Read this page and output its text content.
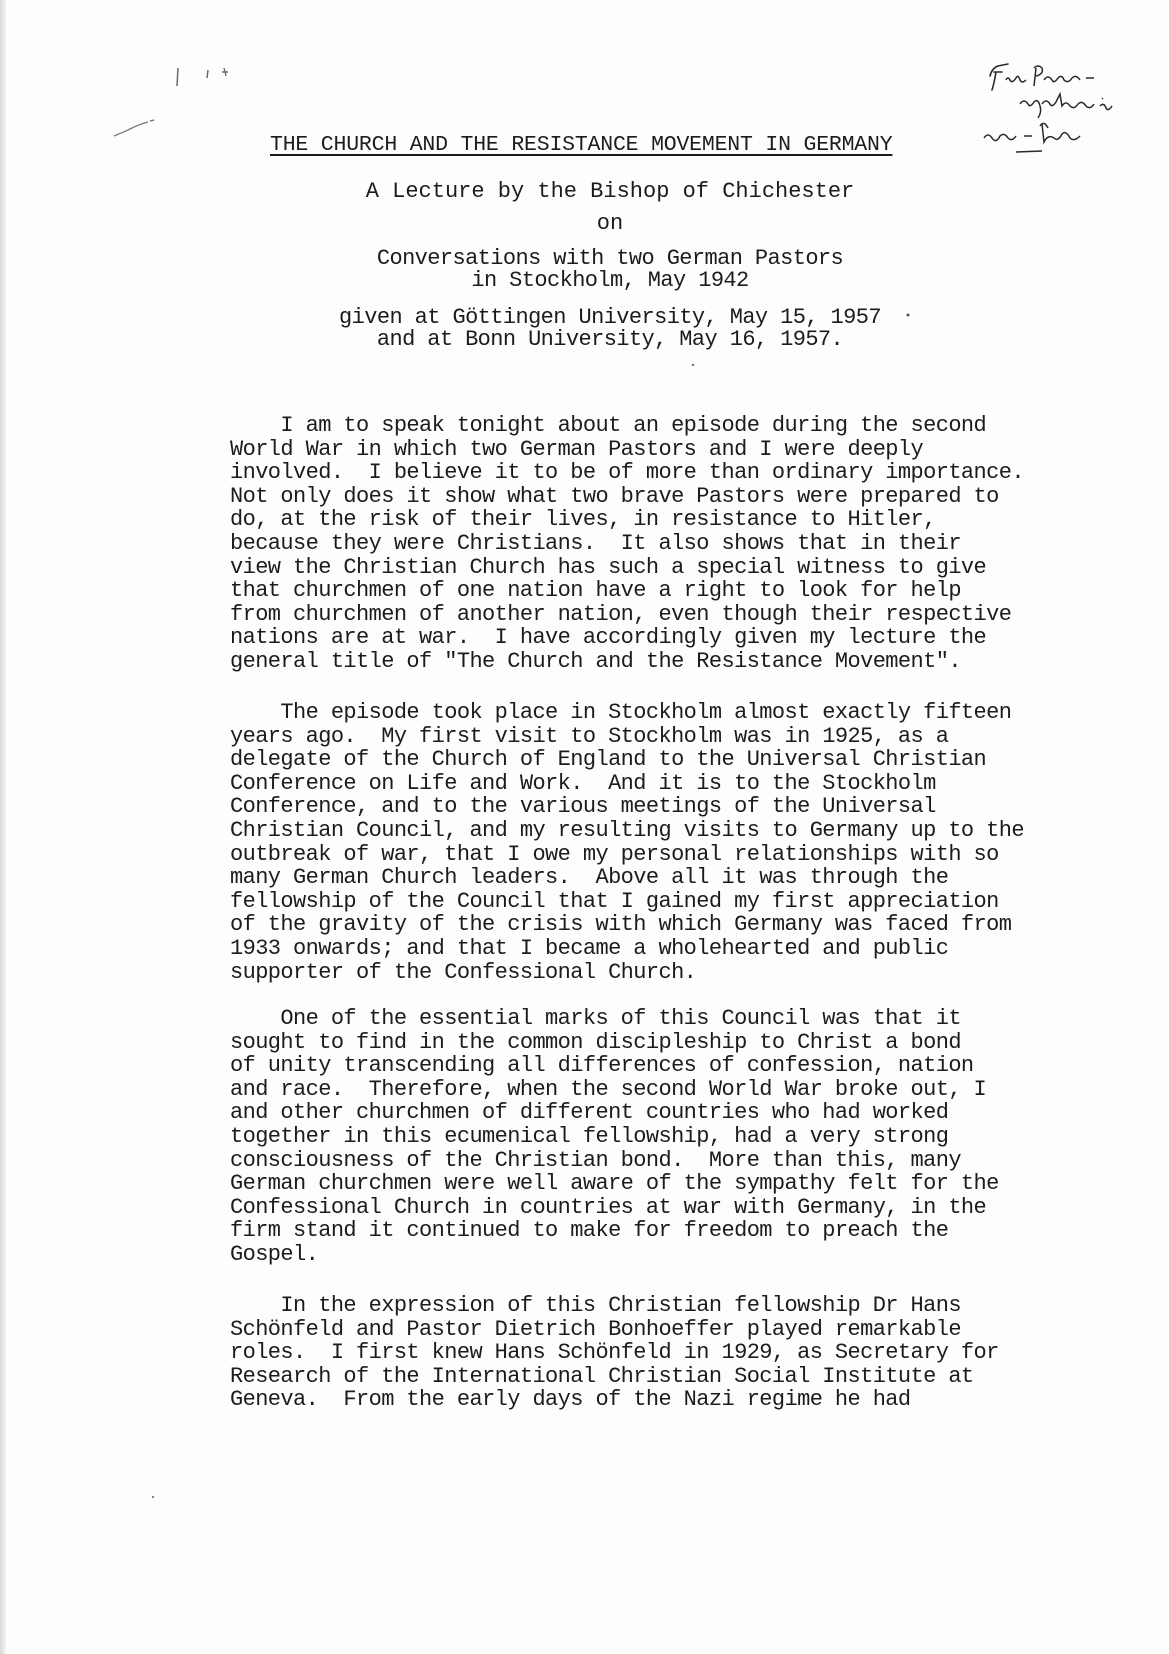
THE CHURCH AND THE RESISTANCE MOVEMENT IN GERMANY
A Lecture by the Bishop of Chichester
on
Conversations with two German Pastors
in Stockholm, May 1942
given at Göttingen University, May 15, 1957
and at Bonn University, May 16, 1957.
I am to speak tonight about an episode during the second
World War in which two German Pastors and I were deeply
involved.  I believe it to be of more than ordinary importance.
Not only does it show what two brave Pastors were prepared to
do, at the risk of their lives, in resistance to Hitler,
because they were Christians.  It also shows that in their
view the Christian Church has such a special witness to give
that churchmen of one nation have a right to look for help
from churchmen of another nation, even though their respective
nations are at war.  I have accordingly given my lecture the
general title of "The Church and the Resistance Movement".
The episode took place in Stockholm almost exactly fifteen
years ago.  My first visit to Stockholm was in 1925, as a
delegate of the Church of England to the Universal Christian
Conference on Life and Work.  And it is to the Stockholm
Conference, and to the various meetings of the Universal
Christian Council, and my resulting visits to Germany up to the
outbreak of war, that I owe my personal relationships with so
many German Church leaders.  Above all it was through the
fellowship of the Council that I gained my first appreciation
of the gravity of the crisis with which Germany was faced from
1933 onwards; and that I became a wholehearted and public
supporter of the Confessional Church.
One of the essential marks of this Council was that it
sought to find in the common discipleship to Christ a bond
of unity transcending all differences of confession, nation
and race.  Therefore, when the second World War broke out, I
and other churchmen of different countries who had worked
together in this ecumenical fellowship, had a very strong
consciousness of the Christian bond.  More than this, many
German churchmen were well aware of the sympathy felt for the
Confessional Church in countries at war with Germany, in the
firm stand it continued to make for freedom to preach the
Gospel.
In the expression of this Christian fellowship Dr Hans
Schönfeld and Pastor Dietrich Bonhoeffer played remarkable
roles.  I first knew Hans Schönfeld in 1929, as Secretary for
Research of the International Christian Social Institute at
Geneva.  From the early days of the Nazi regime he had
